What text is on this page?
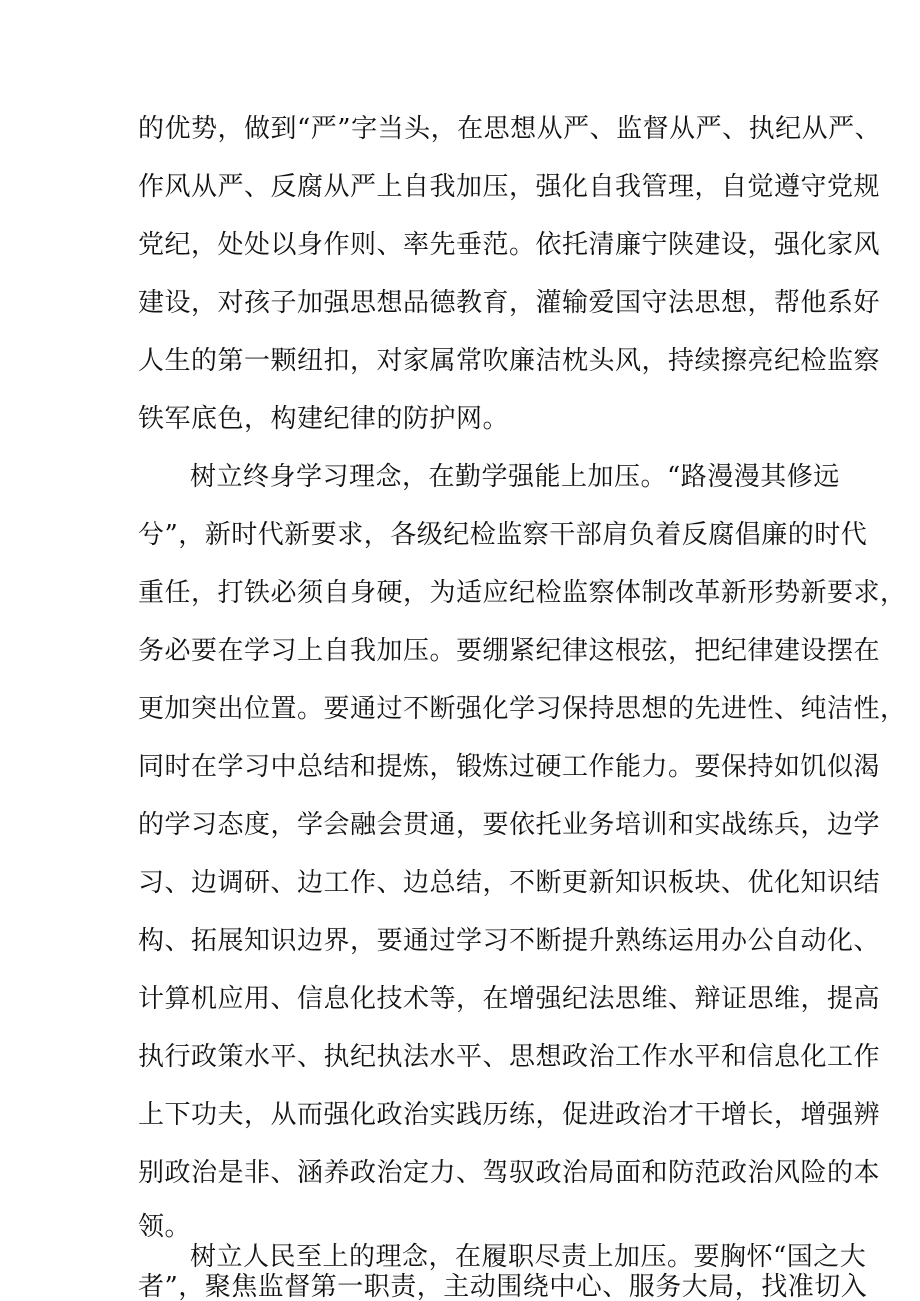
的优势，做到“严”字当头，在思想从严、监督从严、执纪从严、

作风从严、反腐从严上自我加压，强化自我管理，自觉遵守党规

党纪，处处以身作则、率先垂范。依托清廉宁陕建设，强化家风

建设，对孩子加强思想品德教育，灌输爱国守法思想，帮他系好

人生的第一颗纽扣，对家属常吹廉洁枕头风，持续擦亮纪检监察

铁军底色，构建纪律的防护网。

树立终身学习理念，在勤学强能上加压。“路漫漫其修远

兮”，新时代新要求，各级纪检监察干部肩负着反腐倡廉的时代

重任，打铁必须自身硬，为适应纪检监察体制改革新形势新要求，

务必要在学习上自我加压。要绷紧纪律这根弦，把纪律建设摆在

更加突出位置。要通过不断强化学习保持思想的先进性、纯洁性，

同时在学习中总结和提炼，锻炼过硬工作能力。要保持如饥似渴

的学习态度，学会融会贯通，要依托业务培训和实战练兵，边学

习、边调研、边工作、边总结，不断更新知识板块、优化知识结

构、拓展知识边界，要通过学习不断提升熟练运用办公自动化、

计算机应用、信息化技术等，在增强纪法思维、辩证思维，提高

执行政策水平、执纪执法水平、思想政治工作水平和信息化工作

上下功夫，从而强化政治实践历练，促进政治才干增长，增强辨

别政治是非、涵养政治定力、驾驭政治局面和防范政治风险的本

领。

树立人民至上的理念，在履职尽责上加压。要胸怀“国之大

者”，聚焦监督第一职责，主动围绕中心、服务大局，找准切入
